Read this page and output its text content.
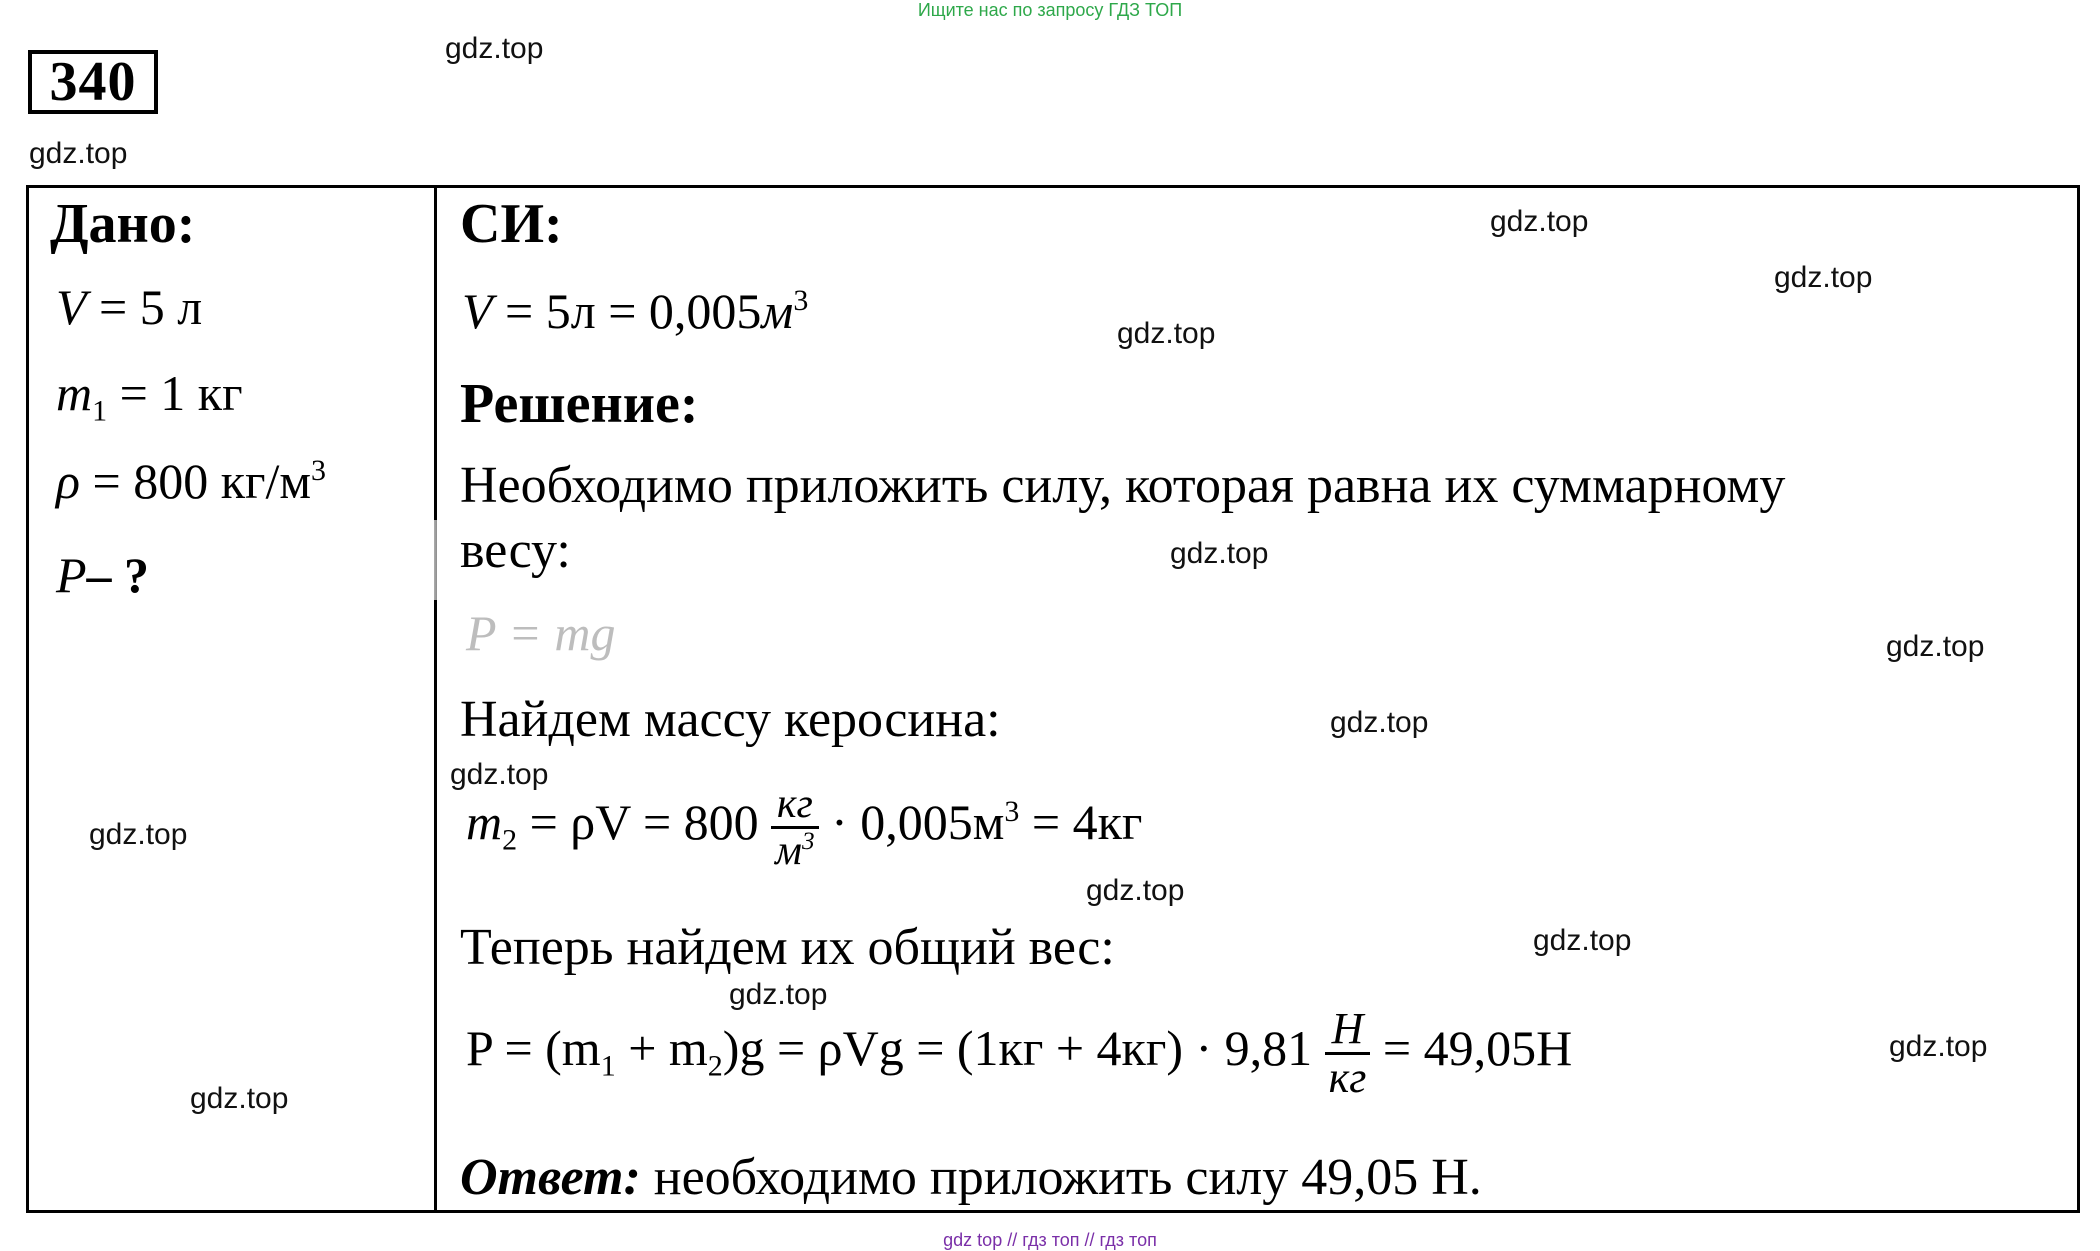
Ищите нас по запросу ГДЗ ТОП
340
gdz.top
gdz.top
gdz.top
gdz.top
gdz.top
gdz.top
gdz.top
gdz.top
gdz.top
gdz.top
gdz.top
gdz.top
gdz.top
gdz.top
gdz.top
Дано:
V = 5 л
$m_1 = 1$ кг
ρ = 800 $кг/м^3$
P– ?
СИ:
$V = 5л = 0,005м^3$
Решение:
Необходимо приложить силу, которая равна их суммарному
весу:
P = mg
Найдем массу керосина:
$m_2 = \rho V = 800 \frac{кг}{м^3} \cdot 0,005м^3 = 4кг$
Теперь найдем их общий вес:
$P = (m_1 + m_2)g = \rho Vg = (1кг + 4кг) \cdot 9,81 \frac{Н}{кг} = 49,05Н$
Ответ: необходимо приложить силу 49,05 Н.
gdz top // гдз топ // гдз топ
